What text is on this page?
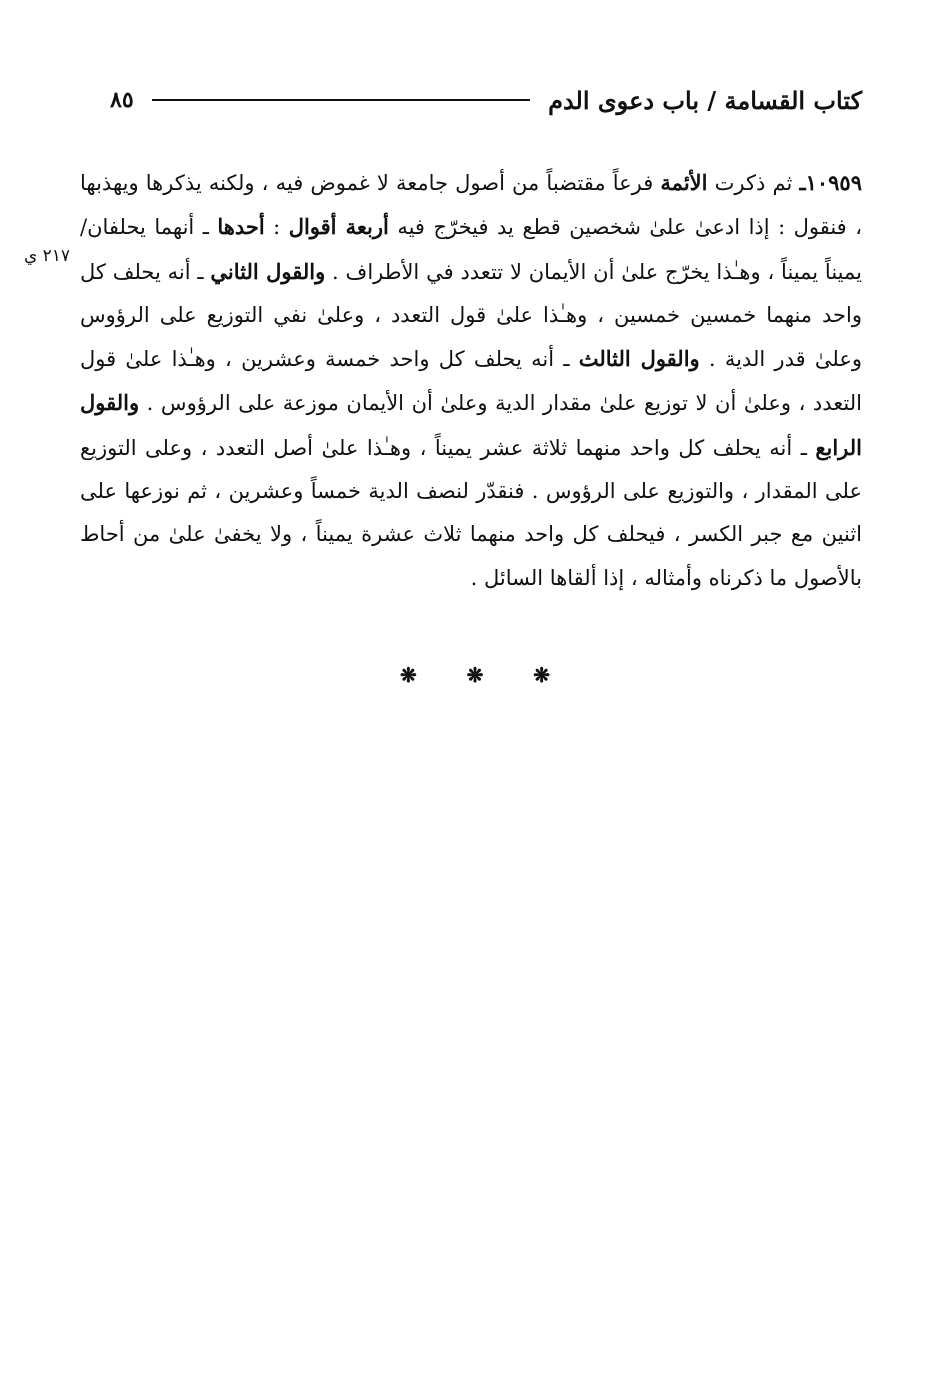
كتاب القسامة / باب دعوى الدم
٨٥
٢١٧ ي

١٠٩٥٩ـ ثم ذكرت الأئمة فرعاً مقتضباً من أصول جامعة لا غموض فيه ، ولكنه يذكرها ويهذبها ، فنقول : إذا ادعىٰ علىٰ شخصين قطع يد فيخرّج فيه أربعة أقوال : أحدها ـ أنهما يحلفان/ يميناً يميناً ، وهـٰذا يخرّج علىٰ أن الأيمان لا تتعدد في الأطراف . والقول الثاني ـ أنه يحلف كل واحد منهما خمسين خمسين ، وهـٰذا علىٰ قول التعدد ، وعلىٰ نفي التوزيع على الرؤوس وعلىٰ قدر الدية . والقول الثالث ـ أنه يحلف كل واحد خمسة وعشرين ، وهـٰذا علىٰ قول التعدد ، وعلىٰ أن لا توزيع علىٰ مقدار الدية وعلىٰ أن الأيمان موزعة على الرؤوس . والقول الرابع ـ أنه يحلف كل واحد منهما ثلاثة عشر يميناً ، وهـٰذا علىٰ أصل التعدد ، وعلى التوزيع على المقدار ، والتوزيع على الرؤوس . فنقدّر لنصف الدية خمساً وعشرين ، ثم نوزعها على اثنين مع جبر الكسر ، فيحلف كل واحد منهما ثلاث عشرة يميناً ، ولا يخفىٰ علىٰ من أحاط بالأصول ما ذكرناه وأمثاله ، إذا ألقاها السائل .

❋ ❋ ❋
